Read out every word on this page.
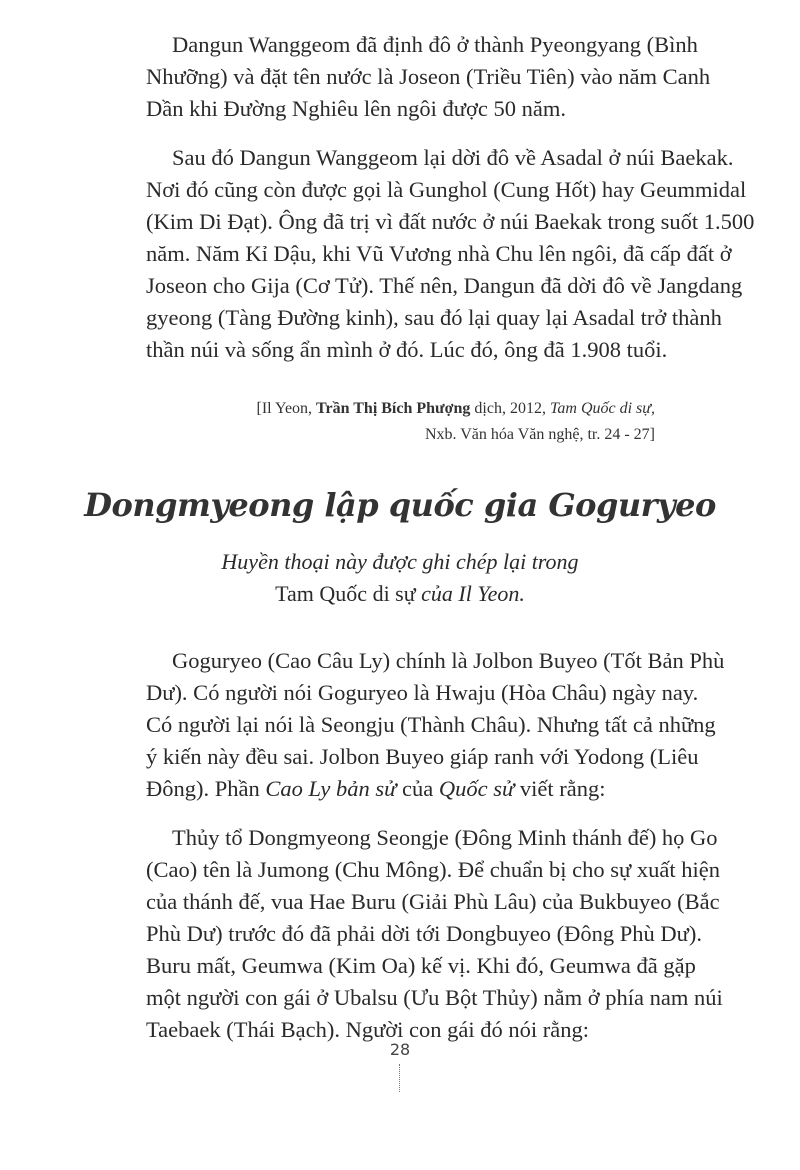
Dangun Wanggeom đã định đô ở thành Pyeongyang (Bình
Nhưỡng) và đặt tên nước là Joseon (Triều Tiên) vào năm Canh
Dần khi Đường Nghiêu lên ngôi được 50 năm.
Sau đó Dangun Wanggeom lại dời đô về Asadal ở núi Baekak.
Nơi đó cũng còn được gọi là Gunghol (Cung Hốt) hay Geummidal
(Kim Di Đạt). Ông đã trị vì đất nước ở núi Baekak trong suốt 1.500
năm. Năm Kỉ Dậu, khi Vũ Vương nhà Chu lên ngôi, đã cấp đất ở
Joseon cho Gija (Cơ Tử). Thế nên, Dangun đã dời đô về Jangdang
gyeong (Tàng Đường kinh), sau đó lại quay lại Asadal trở thành
thần núi và sống ẩn mình ở đó. Lúc đó, ông đã 1.908 tuổi.
[Il Yeon, Trần Thị Bích Phượng dịch, 2012, Tam Quốc di sự,
Nxb. Văn hóa Văn nghệ, tr. 24 - 27]
Dongmyeong lập quốc gia Goguryeo
Huyền thoại này được ghi chép lại trong
Tam Quốc di sự của Il Yeon.
Goguryeo (Cao Câu Ly) chính là Jolbon Buyeo (Tốt Bản Phù
Dư). Có người nói Goguryeo là Hwaju (Hòa Châu) ngày nay.
Có người lại nói là Seongju (Thành Châu). Nhưng tất cả những
ý kiến này đều sai. Jolbon Buyeo giáp ranh với Yodong (Liêu
Đông). Phần Cao Ly bản sử của Quốc sử viết rằng:
Thủy tổ Dongmyeong Seongje (Đông Minh thánh đế) họ Go
(Cao) tên là Jumong (Chu Mông). Để chuẩn bị cho sự xuất hiện
của thánh đế, vua Hae Buru (Giải Phù Lâu) của Bukbuyeo (Bắc
Phù Dư) trước đó đã phải dời tới Dongbuyeo (Đông Phù Dư).
Buru mất, Geumwa (Kim Oa) kế vị. Khi đó, Geumwa đã gặp
một người con gái ở Ubalsu (Ưu Bột Thủy) nằm ở phía nam núi
Taebaek (Thái Bạch). Người con gái đó nói rằng:
28
